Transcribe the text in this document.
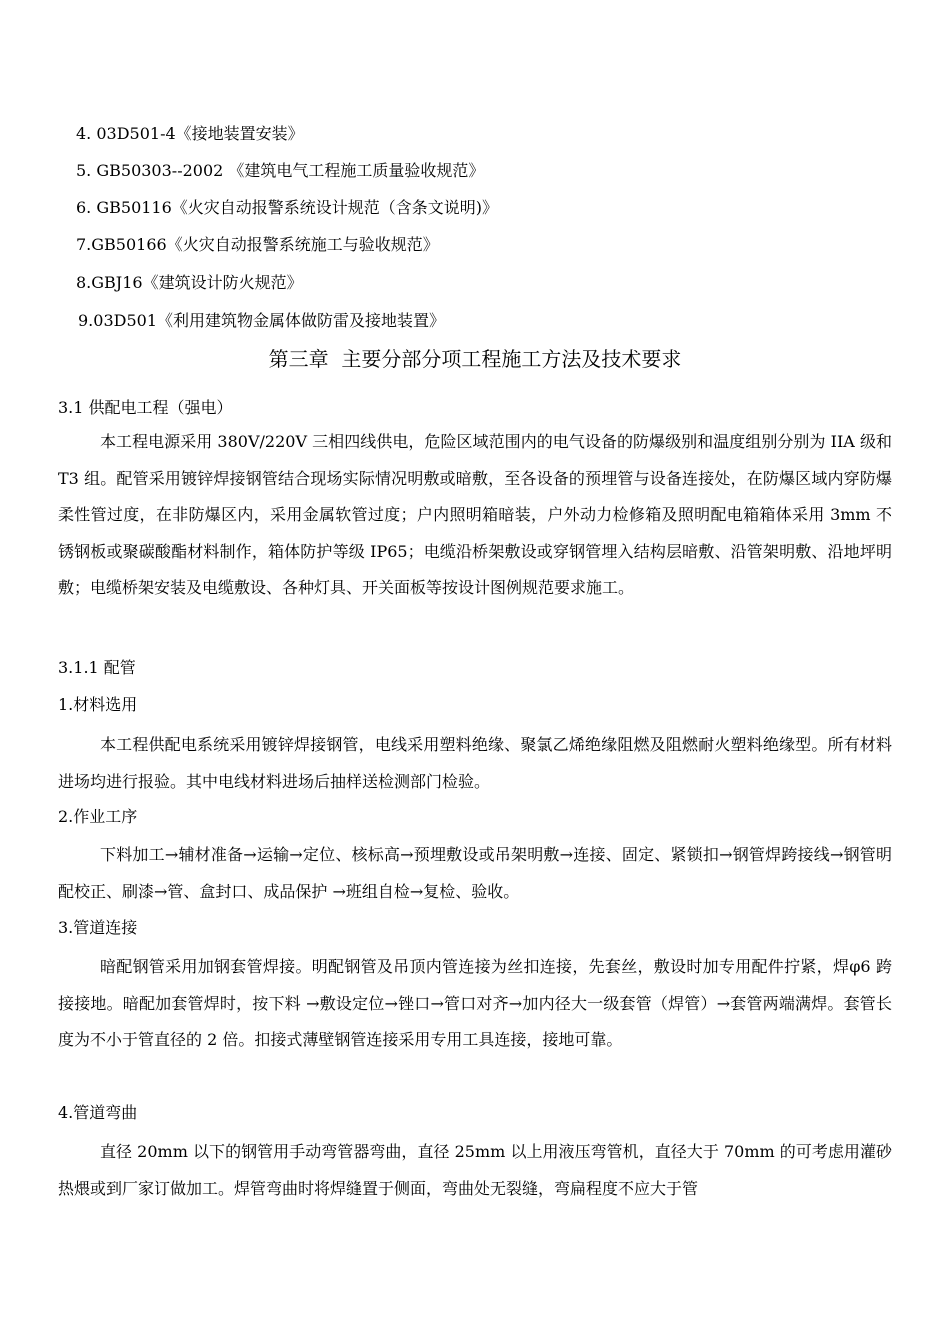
4. 03D501-4《接地装置安装》
5. GB50303--2002 《建筑电气工程施工质量验收规范》
6. GB50116《火灾自动报警系统设计规范（含条文说明)》
7.GB50166《火灾自动报警系统施工与验收规范》
8.GBJ16《建筑设计防火规范》
9.03D501《利用建筑物金属体做防雷及接地装置》
第三章  主要分部分项工程施工方法及技术要求
3.1 供配电工程（强电）
本工程电源采用 380V/220V 三相四线供电，危险区域范围内的电气设备的防爆级别和温度组别分别为 IIA 级和 T3 组。配管采用镀锌焊接钢管结合现场实际情况明敷或暗敷，至各设备的预埋管与设备连接处，在防爆区域内穿防爆柔性管过度，在非防爆区内，采用金属软管过度；户内照明箱暗装，户外动力检修箱及照明配电箱箱体采用 3mm 不锈钢板或聚碳酸酯材料制作，箱体防护等级 IP65；电缆沿桥架敷设或穿钢管埋入结构层暗敷、沿管架明敷、沿地坪明敷；电缆桥架安装及电缆敷设、各种灯具、开关面板等按设计图例规范要求施工。
3.1.1 配管
1.材料选用
本工程供配电系统采用镀锌焊接钢管，电线采用塑料绝缘、聚氯乙烯绝缘阻燃及阻燃耐火塑料绝缘型。所有材料进场均进行报验。其中电线材料进场后抽样送检测部门检验。
2.作业工序
下料加工→辅材准备→运输→定位、核标高→预埋敷设或吊架明敷→连接、固定、紧锁扣→钢管焊跨接线→钢管明配校正、刷漆→管、盒封口、成品保护 →班组自检→复检、验收。
3.管道连接
暗配钢管采用加钢套管焊接。明配钢管及吊顶内管连接为丝扣连接，先套丝，敷设时加专用配件拧紧，焊φ6 跨接接地。暗配加套管焊时，按下料 →敷设定位→锉口→管口对齐→加内径大一级套管（焊管）→套管两端满焊。套管长度为不小于管直径的 2 倍。扣接式薄壁钢管连接采用专用工具连接，接地可靠。
4.管道弯曲
直径 20mm 以下的钢管用手动弯管器弯曲，直径 25mm 以上用液压弯管机，直径大于 70mm 的可考虑用灌砂热煨或到厂家订做加工。焊管弯曲时将焊缝置于侧面，弯曲处无裂缝，弯扁程度不应大于管
